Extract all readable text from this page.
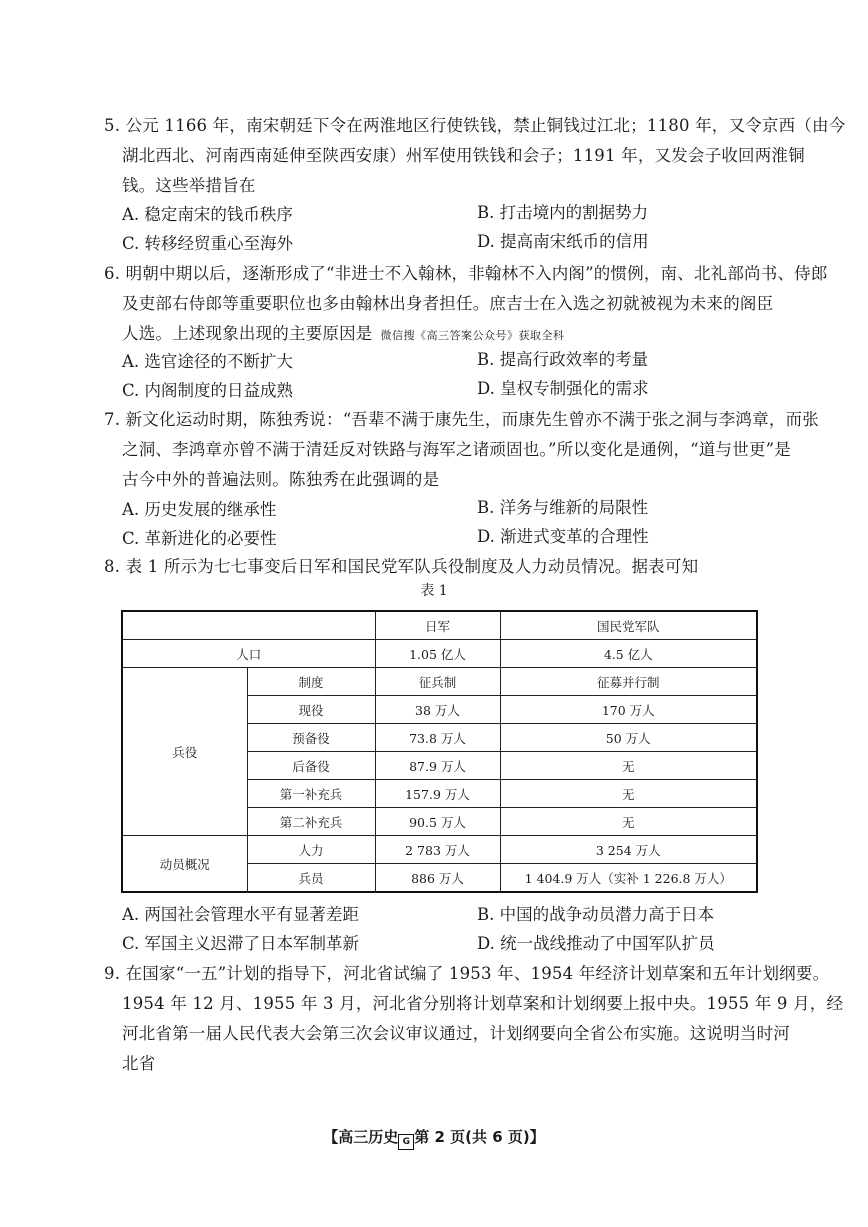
5. 公元 1166 年，南宋朝廷下令在两淮地区行使铁钱，禁止铜钱过江北；1180 年，又令京西（由今
湖北西北、河南西南延伸至陕西安康）州军使用铁钱和会子；1191 年，又发会子收回两淮铜
钱。这些举措旨在
A. 稳定南宋的钱币秩序	B. 打击境内的割据势力
C. 转移经贸重心至海外	D. 提高南宋纸币的信用
6. 明朝中期以后，逐渐形成了“非进士不入翰林，非翰林不入内阁”的惯例，南、北礼部尚书、侍郎
及吏部右侍郎等重要职位也多由翰林出身者担任。庶吉士在入选之初就被视为未来的阁臣
人选。上述现象出现的主要原因是 微信搜《高三答案公众号》获取全科
A. 选官途径的不断扩大	B. 提高行政效率的考量
C. 内阁制度的日益成熟	D. 皇权专制强化的需求
7. 新文化运动时期，陈独秀说：“吾辈不满于康先生，而康先生曾亦不满于张之洞与李鸿章，而张
之洞、李鸿章亦曾不满于清廷反对铁路与海军之诸顽固也。”所以变化是通例，“道与世更”是
古今中外的普遍法则。陈独秀在此强调的是
A. 历史发展的继承性	B. 洋务与维新的局限性
C. 革新进化的必要性	D. 渐进式变革的合理性
8. 表 1 所示为七七事变后日军和国民党军队兵役制度及人力动员情况。据表可知
表 1
		日军	国民党军队
人口		1.05 亿人	4.5 亿人
兵役	制度	征兵制	征募并行制
	现役	38 万人	170 万人
	预备役	73.8 万人	50 万人
	后备役	87.9 万人	无
	第一补充兵	157.9 万人	无
	第二补充兵	90.5 万人	无
动员概况	人力	2 783 万人	3 254 万人
	兵员	886 万人	1 404.9 万人（实补 1 226.8 万人）
A. 两国社会管理水平有显著差距	B. 中国的战争动员潜力高于日本
C. 军国主义迟滞了日本军制革新	D. 统一战线推动了中国军队扩员
9. 在国家“一五”计划的指导下，河北省试编了 1953 年、1954 年经济计划草案和五年计划纲要。
1954 年 12 月、1955 年 3 月，河北省分别将计划草案和计划纲要上报中央。1955 年 9 月，经
河北省第一届人民代表大会第三次会议审议通过，计划纲要向全省公布实施。这说明当时河
北省
【高三历史 G 第 2 页(共 6 页)】
